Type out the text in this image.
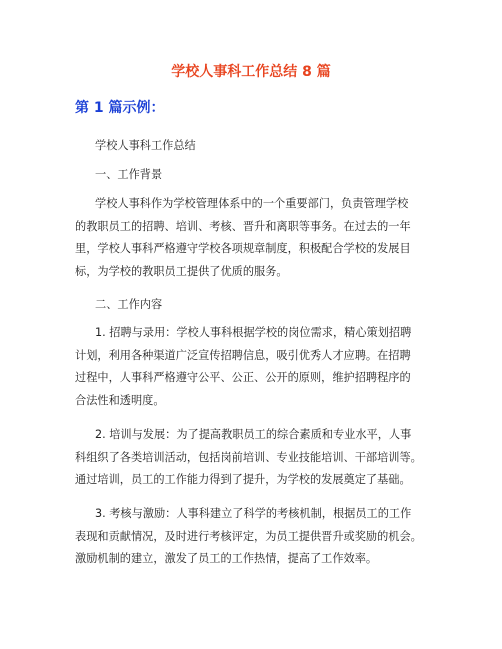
学校人事科工作总结 8 篇
第 1 篇示例：
学校人事科工作总结
一、工作背景
学校人事科作为学校管理体系中的一个重要部门，负责管理学校
的教职员工的招聘、培训、考核、晋升和离职等事务。在过去的一年
里，学校人事科严格遵守学校各项规章制度，积极配合学校的发展目
标，为学校的教职员工提供了优质的服务。
二、工作内容
1. 招聘与录用：学校人事科根据学校的岗位需求，精心策划招聘
计划，利用各种渠道广泛宣传招聘信息，吸引优秀人才应聘。在招聘
过程中，人事科严格遵守公平、公正、公开的原则，维护招聘程序的
合法性和透明度。
2. 培训与发展：为了提高教职员工的综合素质和专业水平，人事
科组织了各类培训活动，包括岗前培训、专业技能培训、干部培训等。
通过培训，员工的工作能力得到了提升，为学校的发展奠定了基础。
3. 考核与激励：人事科建立了科学的考核机制，根据员工的工作
表现和贡献情况，及时进行考核评定，为员工提供晋升或奖励的机会。
激励机制的建立，激发了员工的工作热情，提高了工作效率。
